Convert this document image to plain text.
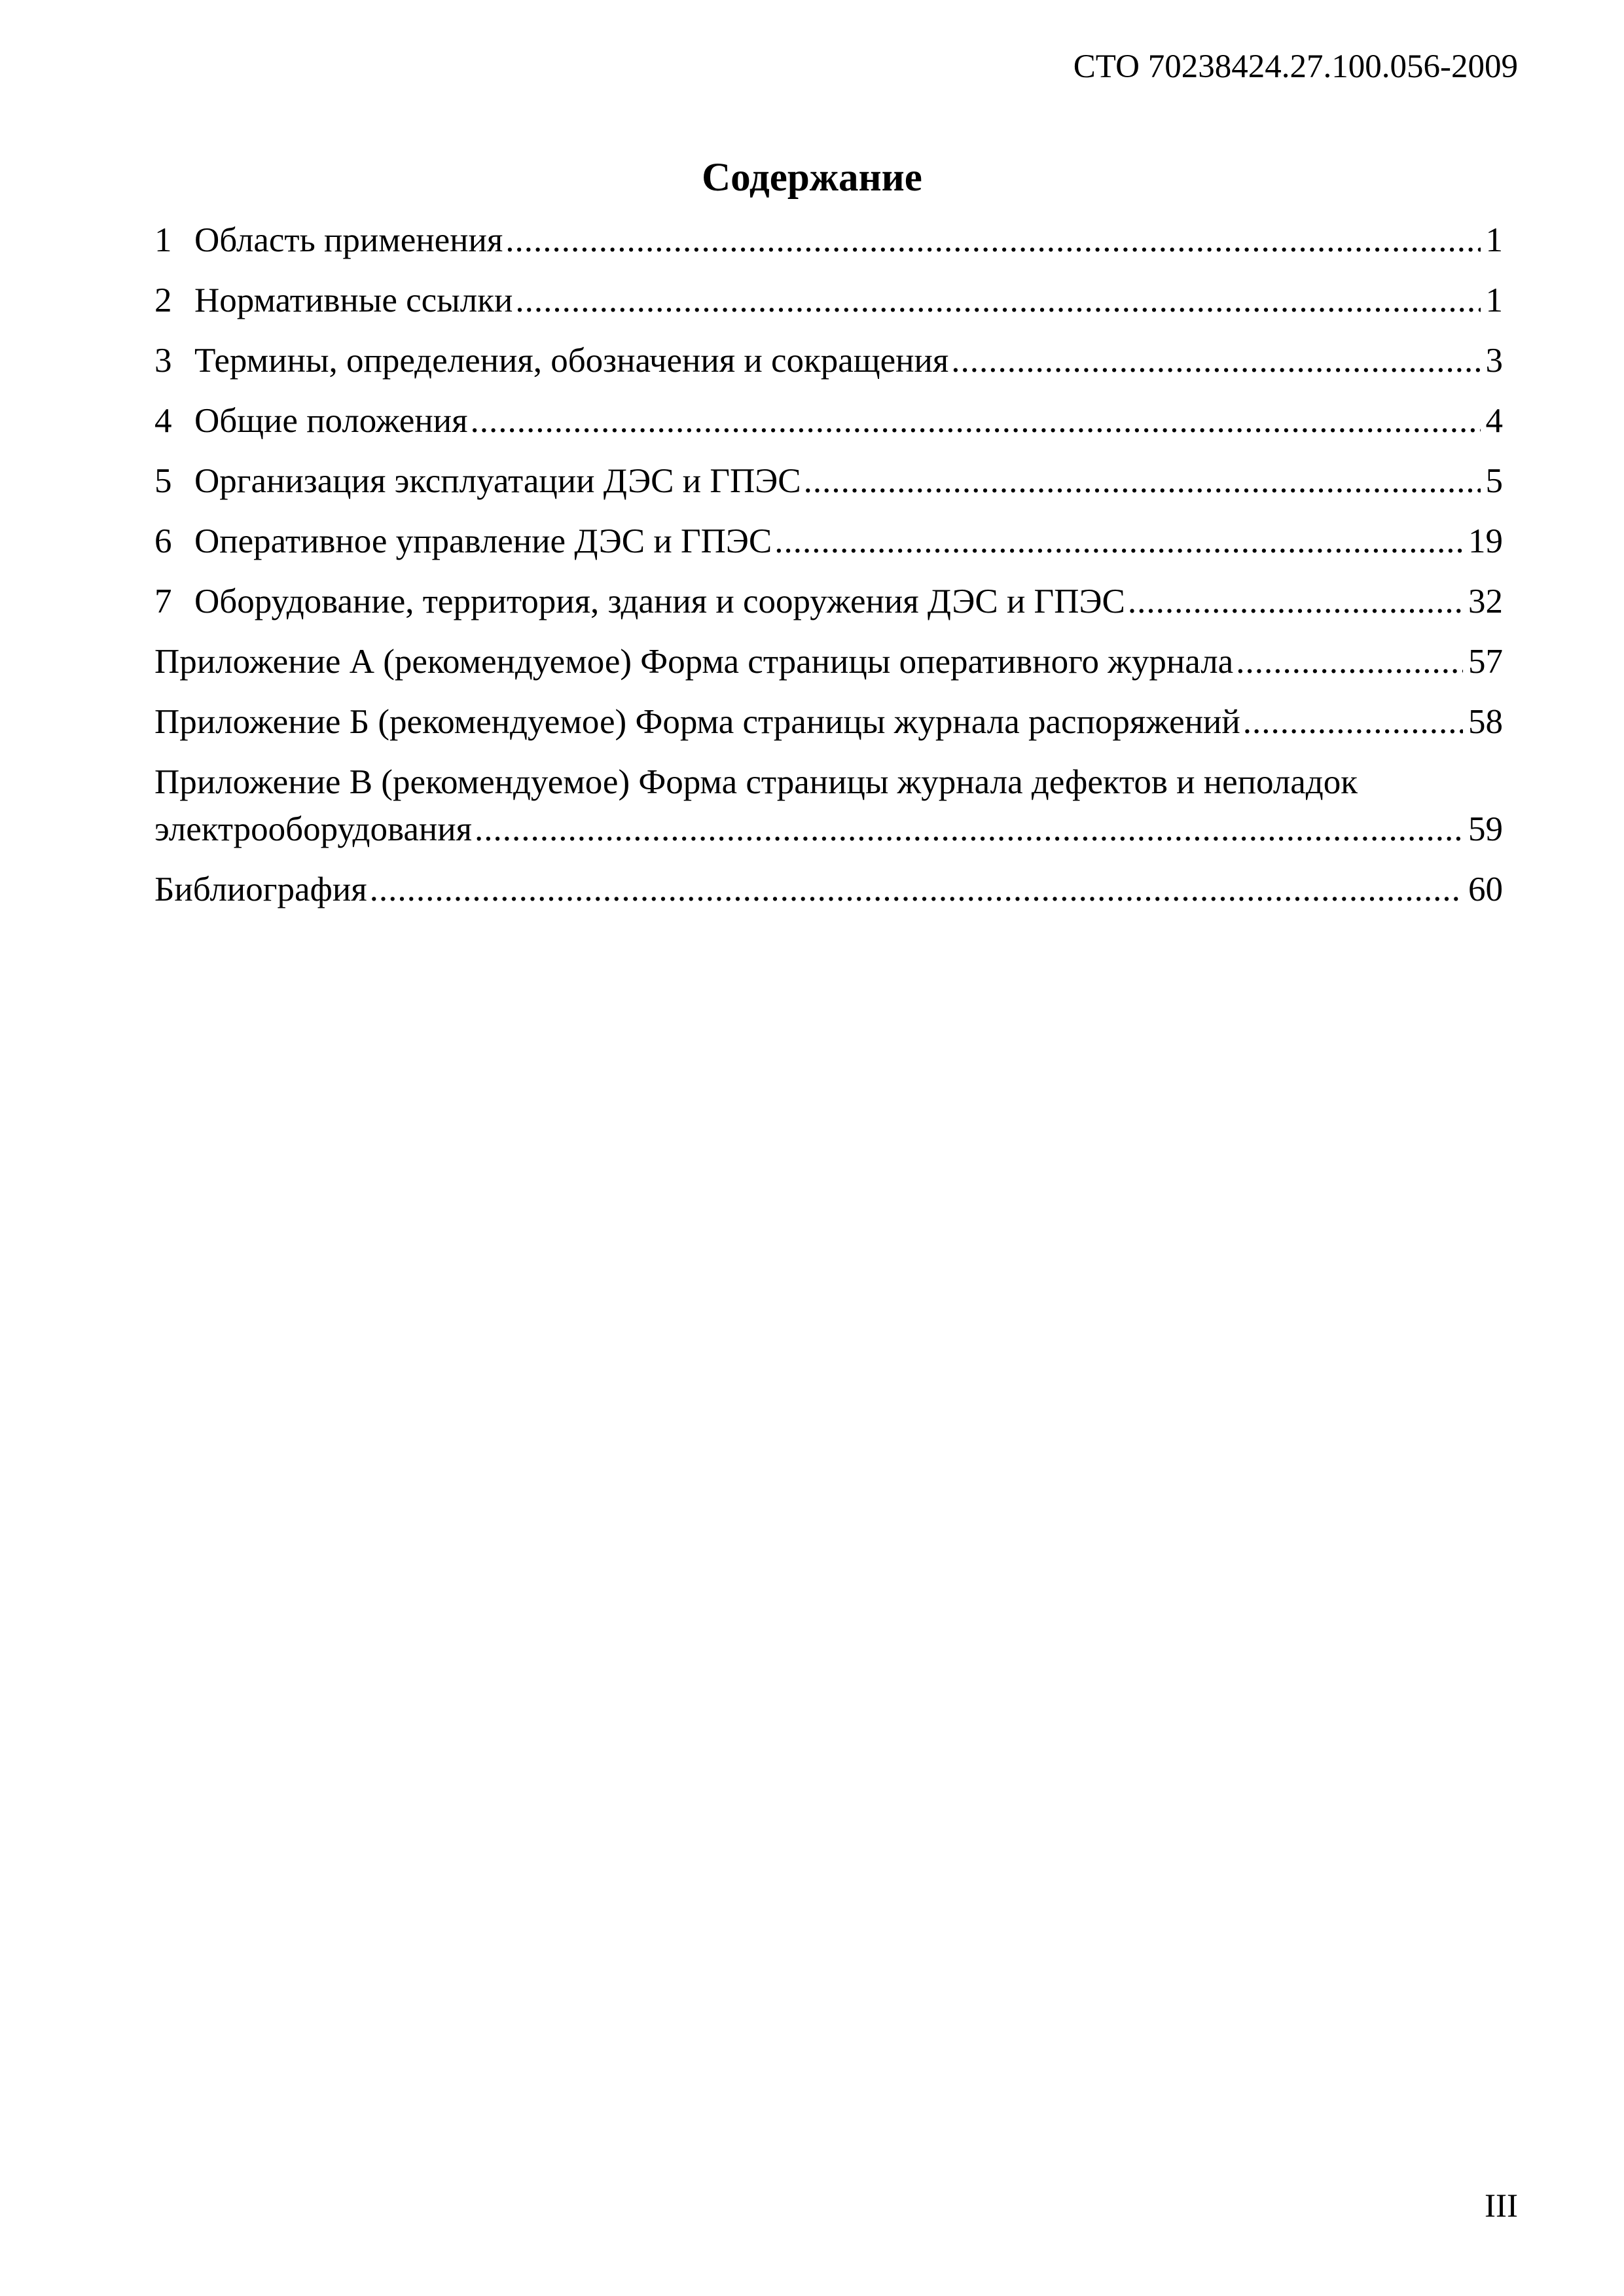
СТО 70238424.27.100.056-2009
Содержание
1 Область применения .....	1
2 Нормативные ссылки .....	1
3 Термины, определения, обозначения и сокращения .....	3
4 Общие положения .....	4
5 Организация эксплуатации ДЭС и ГПЭС .....	5
6 Оперативное управление ДЭС и ГПЭС .....	19
7 Оборудование, территория, здания и сооружения ДЭС и ГПЭС .....	32
Приложение А (рекомендуемое) Форма страницы оперативного журнала .....	57
Приложение Б (рекомендуемое) Форма страницы журнала распоряжений .....	58
Приложение В (рекомендуемое) Форма страницы журнала дефектов и неполадок
электрооборудования .....	59
Библиография .....	60
III
